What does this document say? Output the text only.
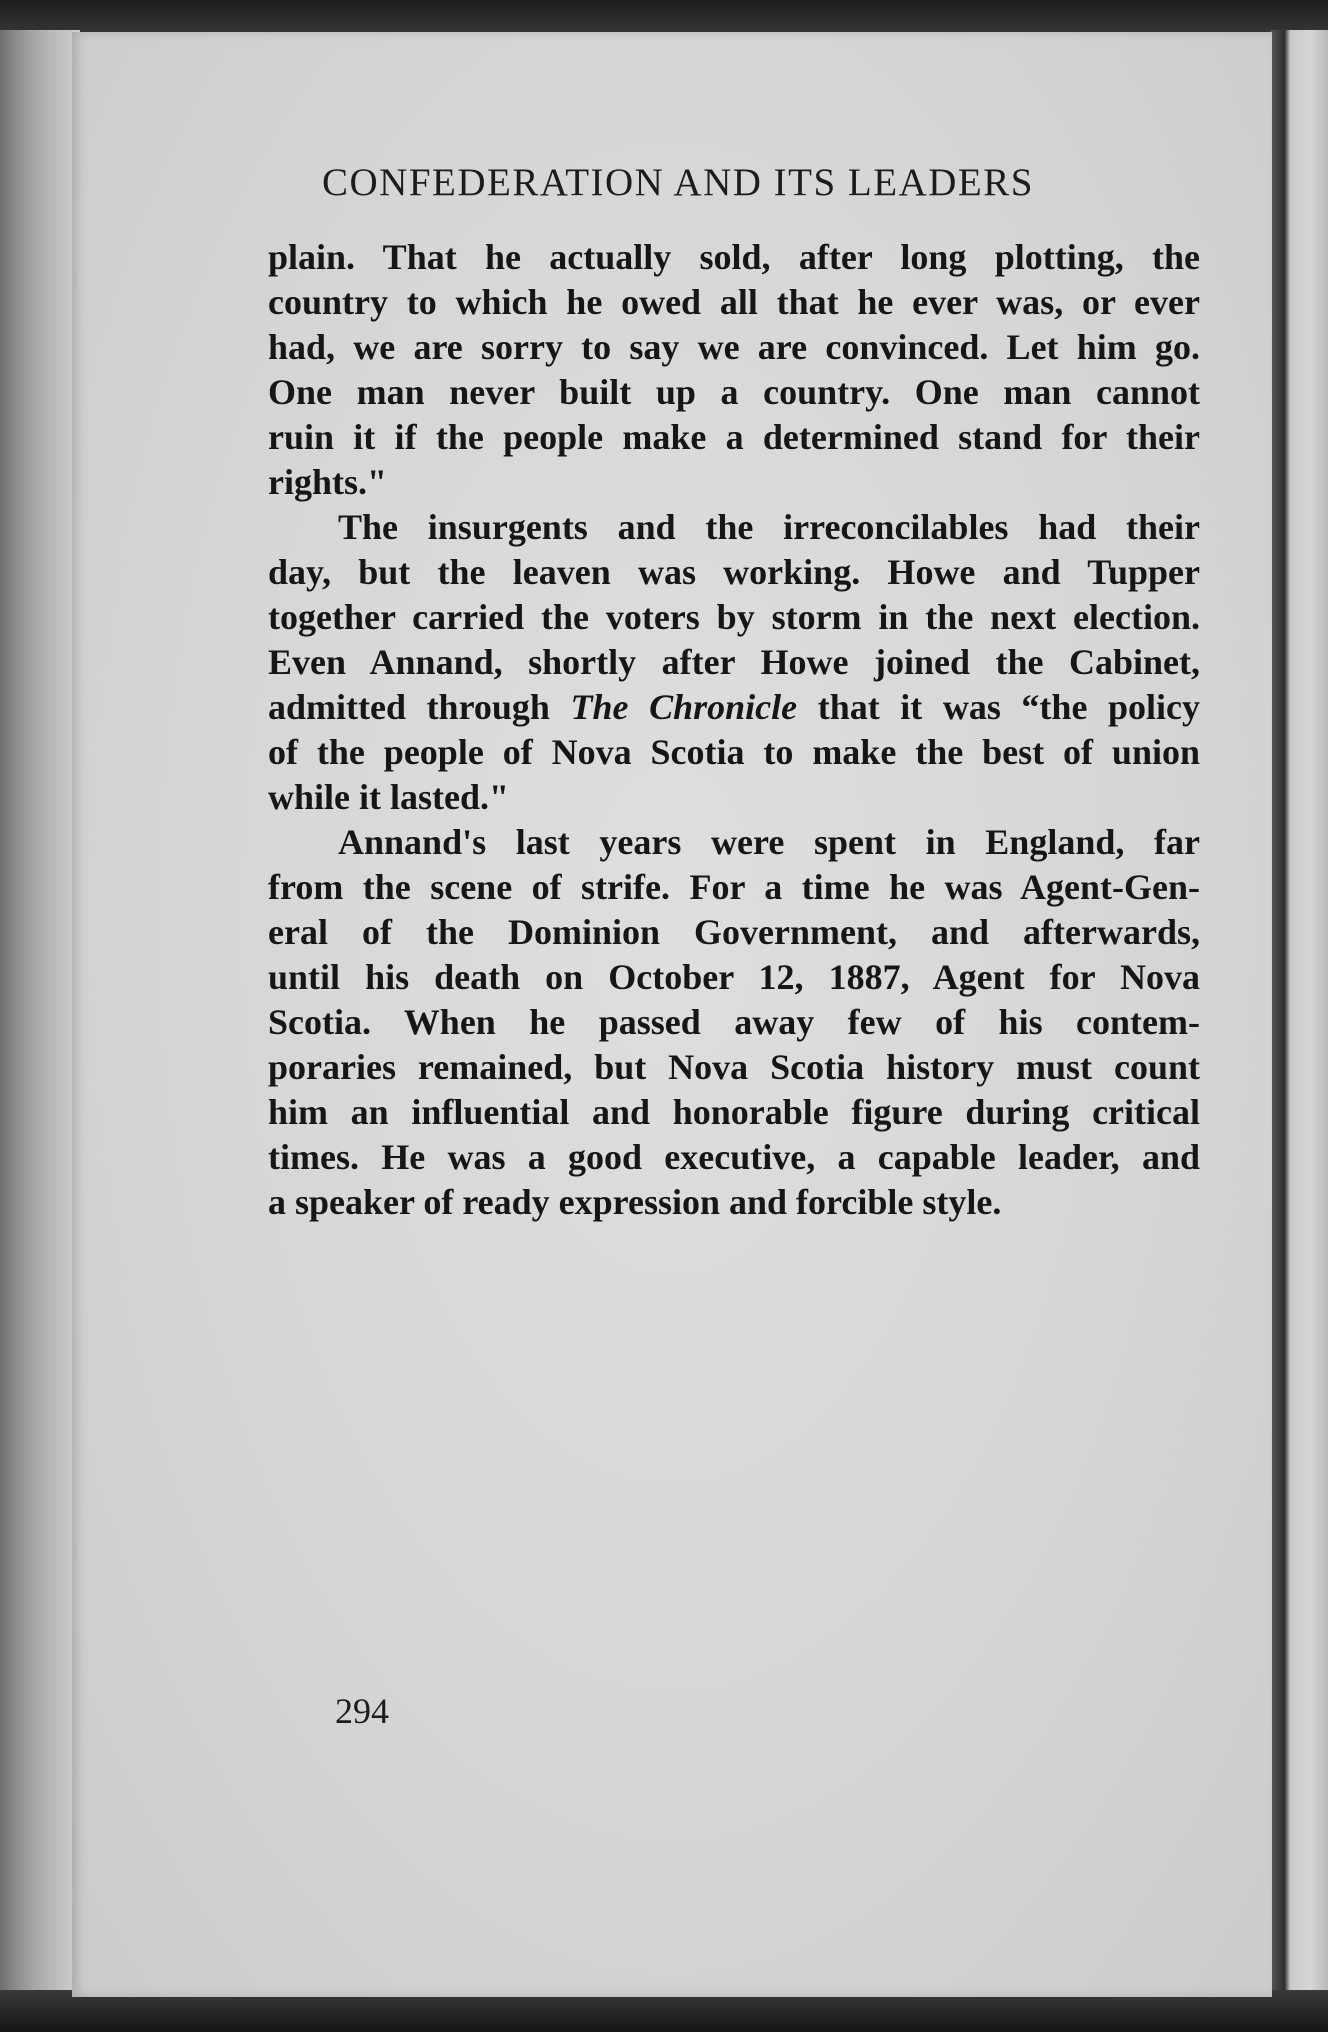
CONFEDERATION AND ITS LEADERS
plain. That he actually sold, after long plotting, the
country to which he owed all that he ever was, or ever
had, we are sorry to say we are convinced. Let him go.
One man never built up a country. One man cannot
ruin it if the people make a determined stand for their
rights."
The insurgents and the irreconcilables had their
day, but the leaven was working. Howe and Tupper
together carried the voters by storm in the next election.
Even Annand, shortly after Howe joined the Cabinet,
admitted through The Chronicle that it was “the policy
of the people of Nova Scotia to make the best of union
while it lasted."
Annand's last years were spent in England, far
from the scene of strife. For a time he was Agent-Gen-
eral of the Dominion Government, and afterwards,
until his death on October 12, 1887, Agent for Nova
Scotia. When he passed away few of his contem-
poraries remained, but Nova Scotia history must count
him an influential and honorable figure during critical
times. He was a good executive, a capable leader, and
a speaker of ready expression and forcible style.
294
